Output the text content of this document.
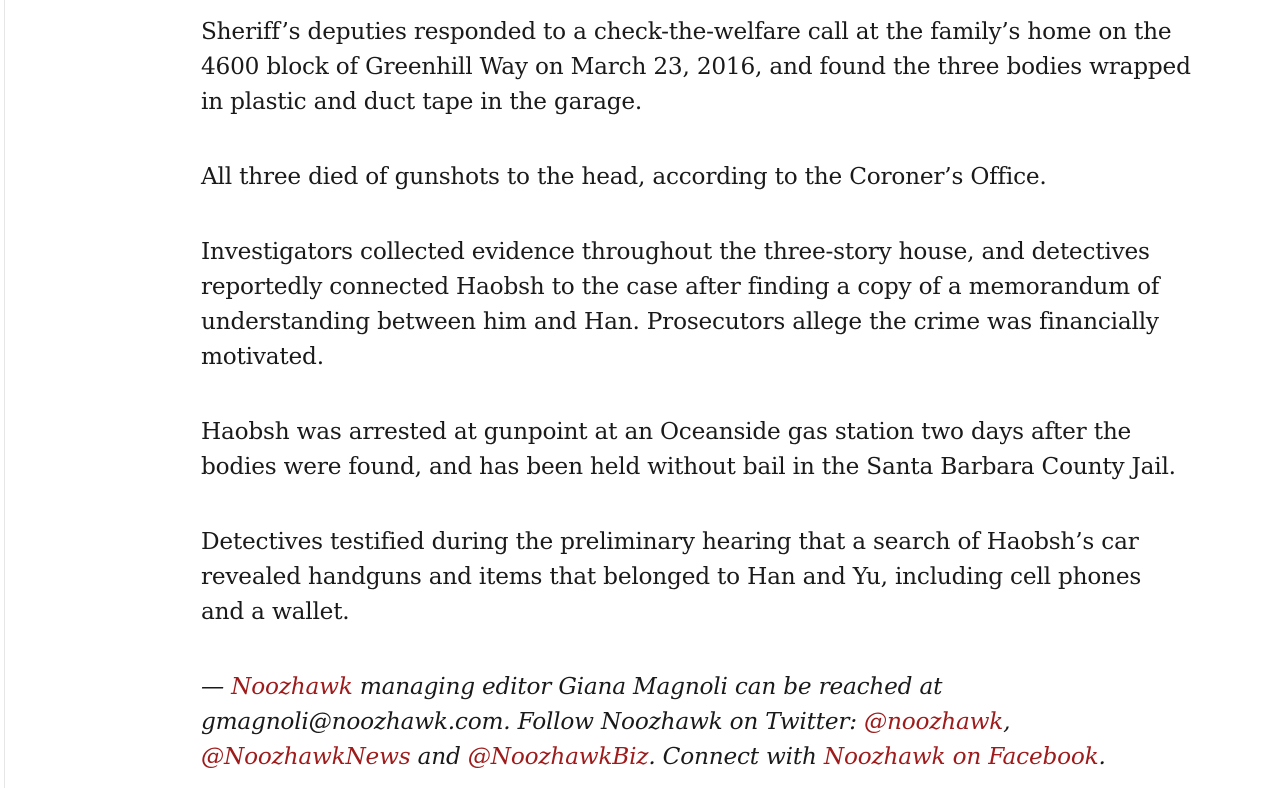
Sheriff’s deputies responded to a check-the-welfare call at the family’s home on the 4600 block of Greenhill Way on March 23, 2016, and found the three bodies wrapped in plastic and duct tape in the garage.

All three died of gunshots to the head, according to the Coroner’s Office.

Investigators collected evidence throughout the three-story house, and detectives reportedly connected Haobsh to the case after finding a copy of a memorandum of understanding between him and Han. Prosecutors allege the crime was financially motivated.

Haobsh was arrested at gunpoint at an Oceanside gas station two days after the bodies were found, and has been held without bail in the Santa Barbara County Jail.

Detectives testified during the preliminary hearing that a search of Haobsh’s car revealed handguns and items that belonged to Han and Yu, including cell phones and a wallet.

— Noozhawk managing editor Giana Magnoli can be reached at gmagnoli@noozhawk.com. Follow Noozhawk on Twitter: @noozhawk, @NoozhawkNews and @NoozhawkBiz. Connect with Noozhawk on Facebook.
